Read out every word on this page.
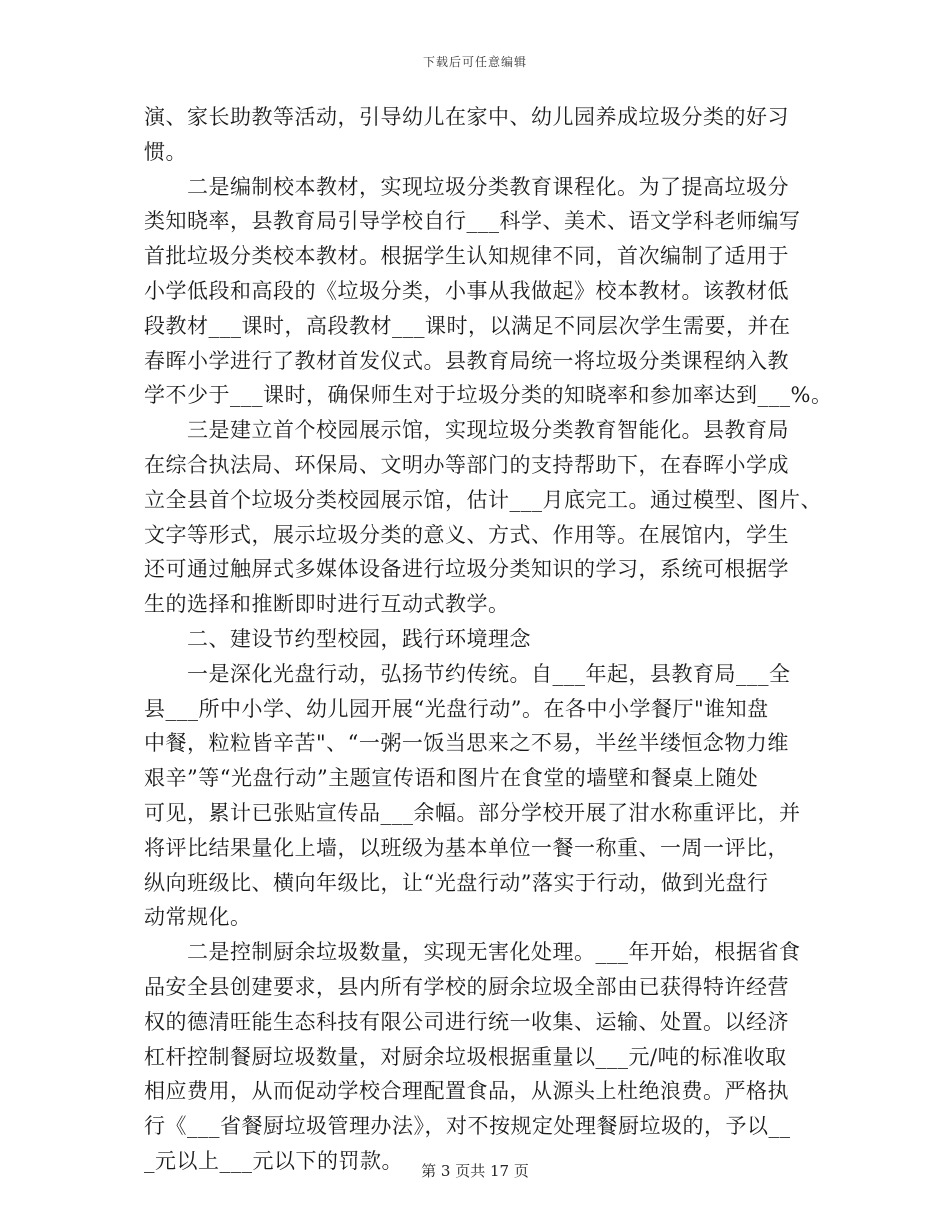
下载后可任意编辑
演、家长助教等活动，引导幼儿在家中、幼儿园养成垃圾分类的好习
惯。
　　二是编制校本教材，实现垃圾分类教育课程化。为了提高垃圾分
类知晓率，县教育局引导学校自行___科学、美术、语文学科老师编写
首批垃圾分类校本教材。根据学生认知规律不同，首次编制了适用于
小学低段和高段的《垃圾分类，小事从我做起》校本教材。该教材低
段教材___课时，高段教材___课时，以满足不同层次学生需要，并在
春晖小学进行了教材首发仪式。县教育局统一将垃圾分类课程纳入教
学不少于___课时，确保师生对于垃圾分类的知晓率和参加率达到___%。
　　三是建立首个校园展示馆，实现垃圾分类教育智能化。县教育局
在综合执法局、环保局、文明办等部门的支持帮助下，在春晖小学成
立全县首个垃圾分类校园展示馆，估计___月底完工。通过模型、图片、
文字等形式，展示垃圾分类的意义、方式、作用等。在展馆内，学生
还可通过触屏式多媒体设备进行垃圾分类知识的学习，系统可根据学
生的选择和推断即时进行互动式教学。
　　二、建设节约型校园，践行环境理念
　　一是深化光盘行动，弘扬节约传统。自___年起，县教育局___全
县___所中小学、幼儿园开展“光盘行动”。在各中小学餐厅"谁知盘
中餐，粒粒皆辛苦"、“一粥一饭当思来之不易，半丝半缕恒念物力维
艰辛”等“光盘行动”主题宣传语和图片在食堂的墙壁和餐桌上随处
可见，累计已张贴宣传品___余幅。部分学校开展了泔水称重评比，并
将评比结果量化上墙，以班级为基本单位一餐一称重、一周一评比，
纵向班级比、横向年级比，让“光盘行动”落实于行动，做到光盘行
动常规化。
　　二是控制厨余垃圾数量，实现无害化处理。___年开始，根据省食
品安全县创建要求，县内所有学校的厨余垃圾全部由已获得特许经营
权的德清旺能生态科技有限公司进行统一收集、运输、处置。以经济
杠杆控制餐厨垃圾数量，对厨余垃圾根据重量以___元/吨的标准收取
相应费用，从而促动学校合理配置食品，从源头上杜绝浪费。严格执
行《___省餐厨垃圾管理办法》，对不按规定处理餐厨垃圾的，予以__
_元以上___元以下的罚款。	第 3 页共 17 页
